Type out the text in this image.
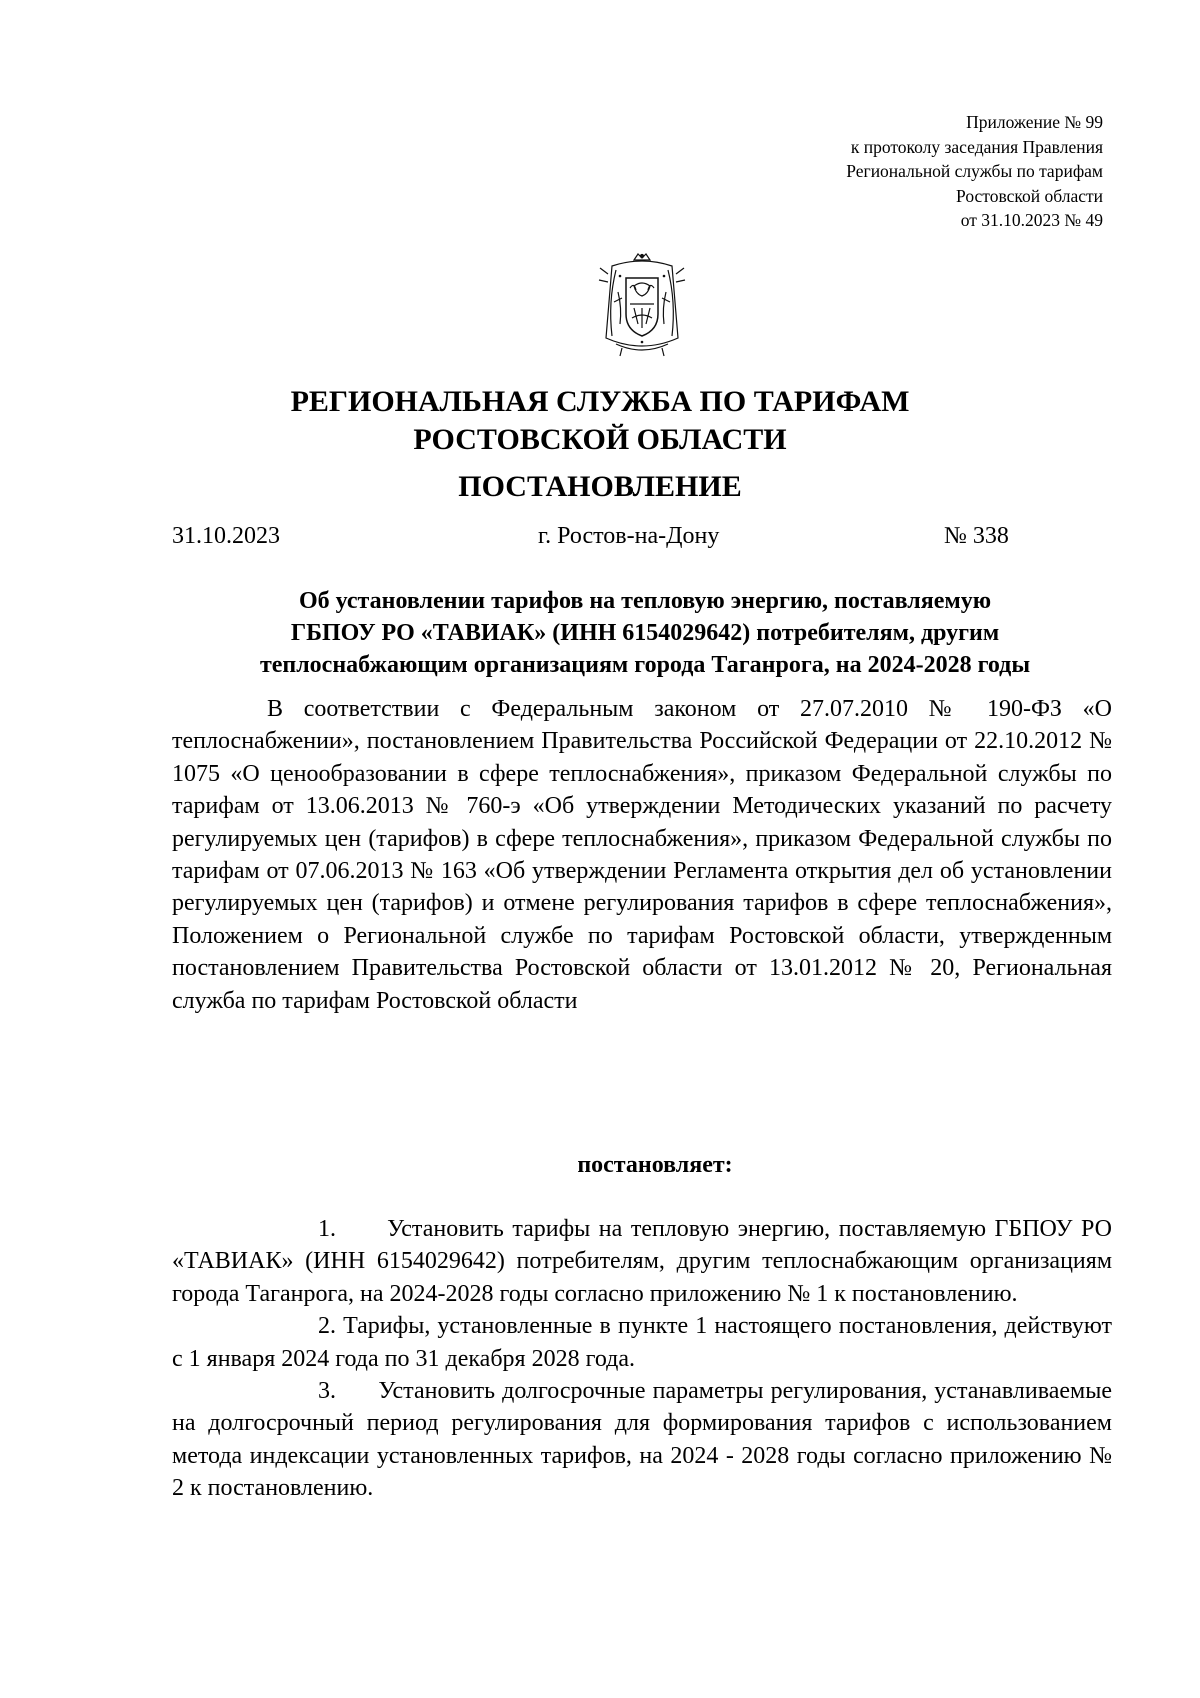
Приложение № 99
к протоколу заседания Правления
Региональной службы по тарифам
Ростовской области
от 31.10.2023 № 49
РЕГИОНАЛЬНАЯ СЛУЖБА ПО ТАРИФАМ
РОСТОВСКОЙ ОБЛАСТИ
ПОСТАНОВЛЕНИЕ
31.10.2023	г. Ростов-на-Дону	№ 338
Об установлении тарифов на тепловую энергию, поставляемую
ГБПОУ РО «ТАВИАК» (ИНН 6154029642) потребителям, другим
теплоснабжающим организациям города Таганрога, на 2024-2028 годы
В соответствии с Федеральным законом от 27.07.2010 № 190-ФЗ «О теплоснабжении», постановлением Правительства Российской Федерации от 22.10.2012 № 1075 «О ценообразовании в сфере теплоснабжения», приказом Федеральной службы по тарифам от 13.06.2013 № 760-э «Об утверждении Методических указаний по расчету регулируемых цен (тарифов) в сфере теплоснабжения», приказом Федеральной службы по тарифам от 07.06.2013 № 163 «Об утверждении Регламента открытия дел об установлении регулируемых цен (тарифов) и отмене регулирования тарифов в сфере теплоснабжения», Положением о Региональной службе по тарифам Ростовской области, утвержденным постановлением Правительства Ростовской области от 13.01.2012 № 20, Региональная служба по тарифам Ростовской области
постановляет:

1. Установить тарифы на тепловую энергию, поставляемую ГБПОУ РО «ТАВИАК» (ИНН 6154029642) потребителям, другим теплоснабжающим организациям города Таганрога, на 2024-2028 годы согласно приложению № 1 к постановлению.

2. Тарифы, установленные в пункте 1 настоящего постановления, действуют с 1 января 2024 года по 31 декабря 2028 года.

3. Установить долгосрочные параметры регулирования, устанавливаемые на долгосрочный период регулирования для формирования тарифов с использованием метода индексации установленных тарифов, на 2024 - 2028 годы согласно приложению № 2 к постановлению.
